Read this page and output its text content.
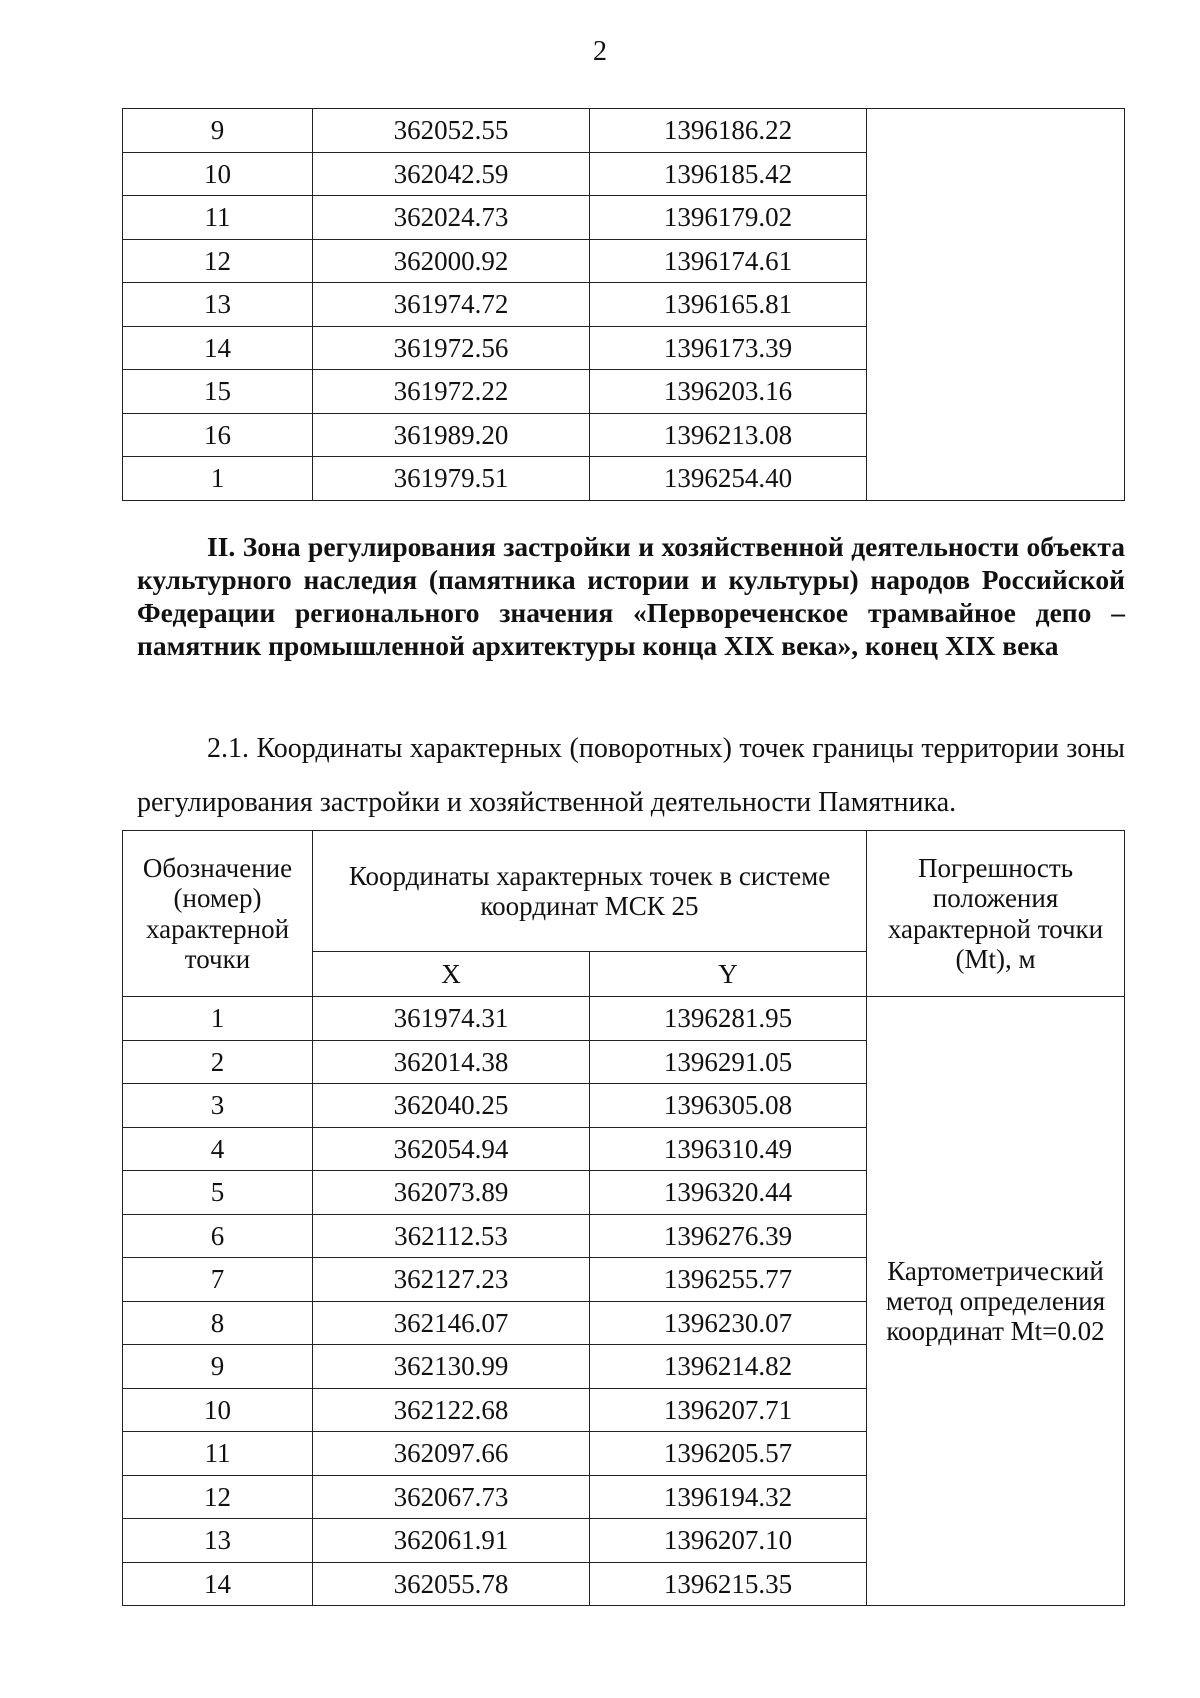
2
9	362052.55	1396186.22	
10	362042.59	1396185.42	
11	362024.73	1396179.02	
12	362000.92	1396174.61	
13	361974.72	1396165.81	
14	361972.56	1396173.39	
15	361972.22	1396203.16	
16	361989.20	1396213.08	
1	361979.51	1396254.40	

II. Зона регулирования застройки и хозяйственной деятельности объекта культурного наследия (памятника истории и культуры) народов Российской Федерации регионального значения «Первореченское трамвайное депо – памятник промышленной архитектуры конца XIX века», конец XIX века

2.1. Координаты характерных (поворотных) точек границы территории зоны регулирования застройки и хозяйственной деятельности Памятника.

Обозначение (номер) характерной точки	Координаты характерных точек в системе координат МСК 25		Погрешность положения характерной точки (Mt), м
	X	Y	
1	361974.31	1396281.95	Картометрический метод определения координат Mt=0.02
2	362014.38	1396291.05	
3	362040.25	1396305.08	
4	362054.94	1396310.49	
5	362073.89	1396320.44	
6	362112.53	1396276.39	
7	362127.23	1396255.77	
8	362146.07	1396230.07	
9	362130.99	1396214.82	
10	362122.68	1396207.71	
11	362097.66	1396205.57	
12	362067.73	1396194.32	
13	362061.91	1396207.10	
14	362055.78	1396215.35	
